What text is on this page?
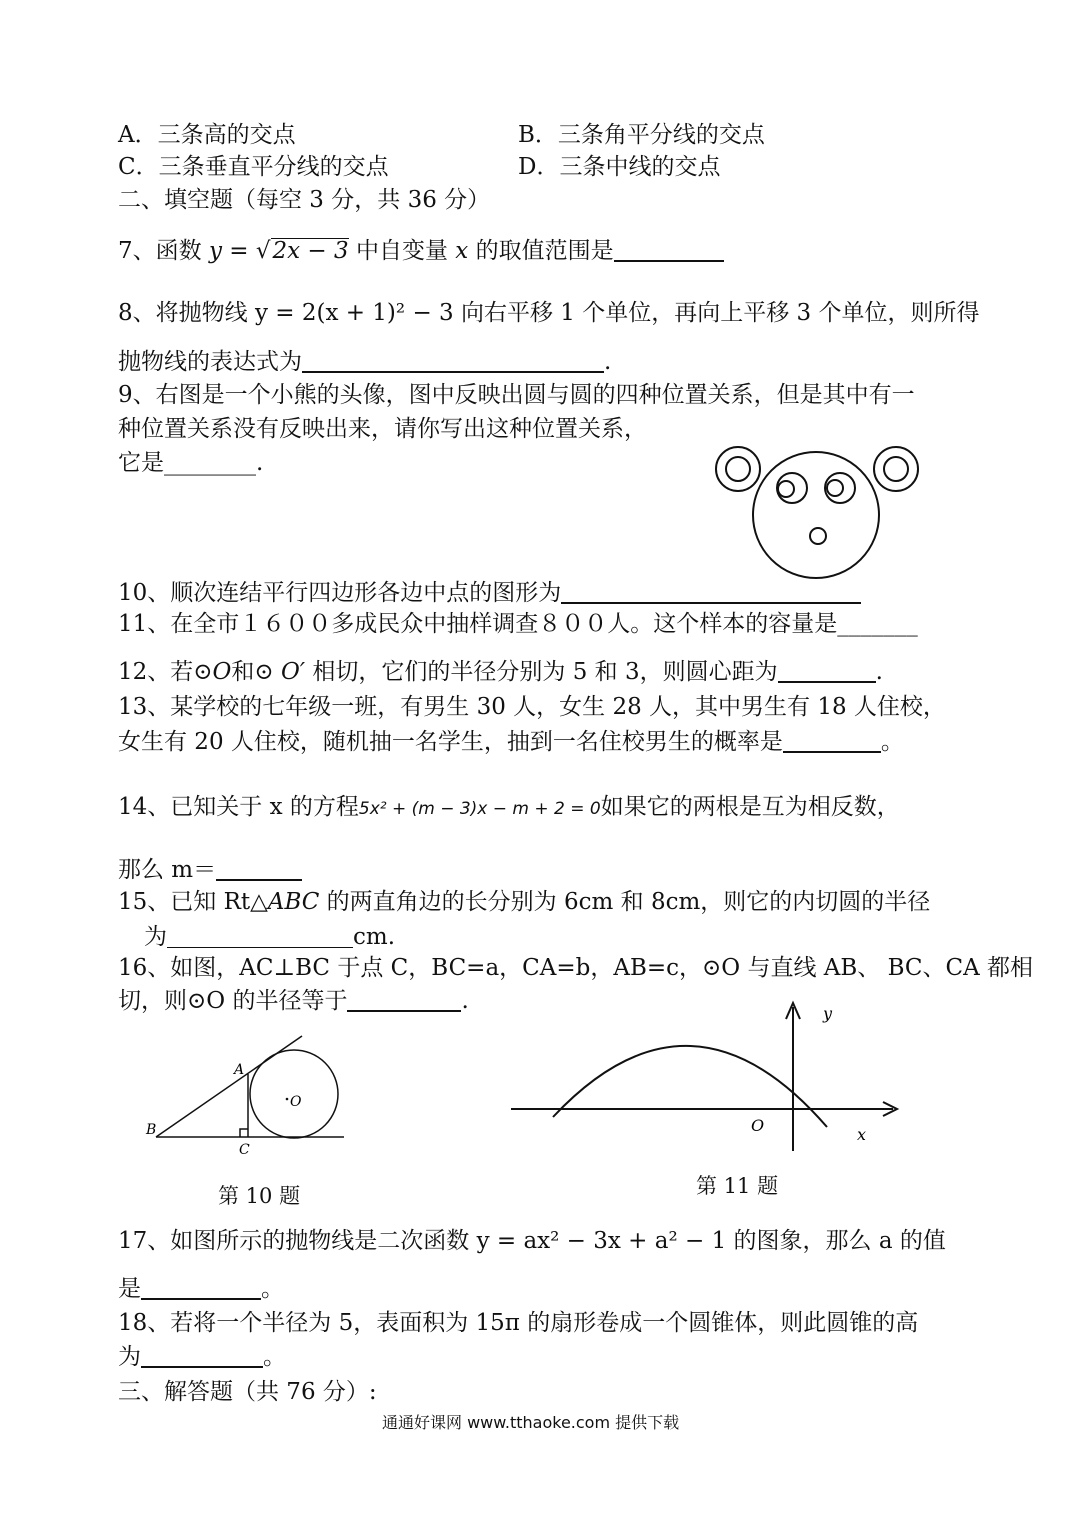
A．三条高的交点	B．三条角平分线的交点
C．三条垂直平分线的交点	D．三条中线的交点
二、填空题（每空 3 分，共 36 分）
7、函数 y = √2x − 3 中自变量 x 的取值范围是
8、将抛物线 y = 2(x + 1)² − 3 向右平移 1 个单位，再向上平移 3 个单位，则所得
抛物线的表达式为	.
9、右图是一个小熊的头像，图中反映出圆与圆的四种位置关系，但是其中有一
种位置关系没有反映出来，请你写出这种位置关系，
它是________.
10、顺次连结平行四边形各边中点的图形为
11、在全市１６００多成民众中抽样调查８００人。这个样本的容量是_______
12、若⊙O和⊙ O′ 相切，它们的半径分别为 5 和 3，则圆心距为	.
13、某学校的七年级一班，有男生 30 人，女生 28 人，其中男生有 18 人住校，
女生有 20 人住校，随机抽一名学生，抽到一名住校男生的概率是	。
14、已知关于 x 的方程5x² + (m − 3)x − m + 2 = 0如果它的两根是互为相反数，
那么 m＝
15、已知 Rt△ABC 的两直角边的长分别为 6cm 和 8cm，则它的内切圆的半径
为	cm.
16、如图，AC⊥BC 于点 C，BC=a，CA=b，AB=c，⊙O 与直线 AB、 BC、CA 都相
切，则⊙O 的半径等于	.
A
B
C
O
第 10 题
y
x
O
第 11 题
17、如图所示的抛物线是二次函数 y = ax² − 3x + a² − 1 的图象，那么 a 的值
是	。
18、若将一个半径为 5，表面积为 15π 的扇形卷成一个圆锥体，则此圆锥的高
为	。
三、解答题（共 76 分）:
通通好课网 www.tthaoke.com 提供下载
